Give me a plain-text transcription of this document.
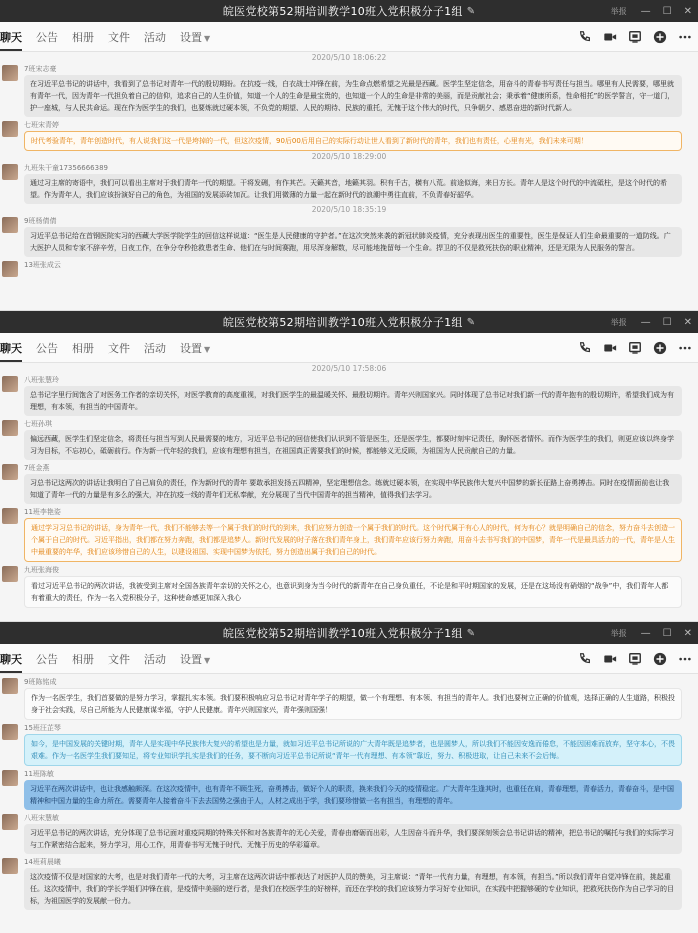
皖医党校第52期培训教学10班入党积极分子1组 ✎	举报 — ☐ ✕
聊天 公告 相册 文件 活动 设置 ▼
2020/5/10 18:06:22
7班宋志豪
在习近平总书记的讲话中，我看到了总书记对青年一代的殷切期盼。在抗疫一线，白衣战士冲锋在前，为生命点燃希望之光最是西藏。医学生坚定信念，用奋斗的青春书写责任与担当。哪里有人民需要，哪里就有青年一代，因为青年一代担负着自己的信仰，追求自己的人生价值，知道一个人的生命是最宝贵的，也知道一个人的生命是非常的美丽，而是贡献社会；秉承着“健康所系，性命相托”的医学誓言，守一道门，护一座城，与人民共命运。现在作为医学生的我们，也要炼就过硬本领，不负党的期望、人民的期待、民族的重托，无愧于这个伟大的时代，只争朝夕、感恩奋进的新时代新人。
七班宋青婷
时代考验青年，青年创造时代，有人说我们这一代是垮掉的一代，但这次疫情，90后00后用自己的实际行动让世人看到了新时代的青年，我们也有责任，心里有光，我们未来可期！
2020/5/10 18:29:00
九班朱干童17356666389
通过习主席的寄语中，我们可以看出主席对于我们青年一代的期望。干将发硎，有作其芒。天籁其音，地籁其羽。积有千古，横有八荒。前途似海，来日方长。青年人是这个时代的中流砥柱，是这个时代的希望。作为青年人，我们应该扮演好自己的角色，为祖国的发展添砖加瓦。让我们用微薄的力量一起在新时代的浪潮中勇往直前，不负青春好韶华。
2020/5/10 18:35:19
9班杨倩倩
习近平总书记给在首钢医院实习的西藏大学医学院学生的回信这样说道：“医生是人民健康的守护者。”在这次突然来袭的新冠状肺炎疫情，充分表现出医生的重要性，医生是保证人们生命最重要的一道防线。广大医护人员和专家不辞辛劳，日夜工作，在争分夺秒抢救患者生命、他们在与时间赛跑，用尽浑身解数，尽可能地挽留每一个生命。捍卫的不仅是救死扶伤的职业精神，还是无限为人民服务的誓言。
13班张成云
皖医党校第52期培训教学10班入党积极分子1组 ✎	举报 — ☐ ✕
聊天 公告 相册 文件 活动 设置 ▼
2020/5/10 17:58:06
八班张慧玲
总书记字里行间饱含了对医务工作者的亲切关怀，对医学教育的高度重视，对我们医学生的最温暖关怀、最殷切期许。青年兴则国家兴。同时体现了总书记对我们新一代的青年抱有的殷切期许，希望我们成为有理想，有本领，有担当的中国青年。
七班孙琪
偏远西藏，医学生们坚定信念，将责任与担当写到人民最需要的地方，习近平总书记的回信使我们认识到不管是医生，还是医学生，都要时刻牢记责任，胸怀医者情怀。而作为医学生的我们，则更应该以终身学习为目标，不忘初心，砥砺前行。作为新一代年轻的我们，应该有理想有担当，在祖国真正需要我们的时候，都能够义无反顾，为祖国为人民贡献自己的力量。
7班金燕
习总书记这两次的讲话让我明白了自己肩负的责任，作为新时代的青年 要敢承担发扬五四精神，坚定理想信念。练就过硬本领，在实现中华民族伟大复兴中国梦的新长征路上奋勇搏击。同时在疫情面前也让我知道了青年一代的力量是有多么的强大，冲在抗疫一线的青年们无私奉献，充分展现了当代中国青年的担当精神，值得我们去学习。
11班李艳姿
通过学习习总书记的讲话，身为青年一代，我们不能够去等一个属于我们的时代的到来，我们应努力创造一个属于我们的时代。这个时代属于有心人的时代，何为有心？就是明确自己的信念，努力奋斗去创造一个属于自己的时代。习近平指出，我们都在努力奔跑，我们都是追梦人。新时代发展的时子落在我们青年身上，我们青年应该行努力奔跑，用奋斗去书写我们的中国梦，青年一代是最具活力的一代，青年是人生中最重要的年华，我们应该珍惜自己的人生，以建设祖国、实现中国梦为依托，努力创造出属于我们自己的时代。
九班张海俊
看过习近平总书记的两次讲话，我被受到主席对全国各族青年亲切的关怀之心，也意识到身为当今时代的新青年在自己身负重任，不论是和平时期国家的发展，还是在这场没有硝烟的“战争”中，我们青年人都有着重大的责任，作为一名入党积极分子，这种使命感更加深入我心
皖医党校第52期培训教学10班入党积极分子1组 ✎	举报 — ☐ ✕
聊天 公告 相册 文件 活动 设置 ▼
9班陈铭成
作为一名医学生，我们首要做的是努力学习，掌握扎实本领。我们要积极响应习总书记对青年学子的期望，做一个有理想、有本领、有担当的青年人。我们也要树立正确的价值观，选择正确的人生道路，积极投身于社会实践，尽自己所能为人民健康谋幸福，守护人民健康。青年兴则国家兴，青年强则国强！
15班汪芷琴
如今，是中国发展的关键时期，青年人是实现中华民族伟大复兴的希望也是力量，就如习近平总书记所说的广大青年既是追梦者，也是圆梦人，所以我们不能因安逸而倦怠，不能因困难而放弃，坚守本心，不畏艰难。作为一名医学生我们要知足，将专业知识学扎实是我们的任务，要不断向习近平总书记所说“青年一代有理想、有本领”靠近，努力、积极进取，让自己未来不会后悔。
11班陈敏
习近平在两次讲话中，也让我感触颇深。在这次疫情中，也有青年不顾生死，奋勇搏击，做好个人的职责，换来我们今天的疫情稳定。广大青年生逢其时，也重任在肩，青春理想，青春活力，青春奋斗，是中国精神和中国力量的生命力所在。需要青年人接着奋斗下去去国势之强由于人，人材之成出于学，我们要珍惜做一名有担当，有理想的青年。
八班宋慧敏
习近平总书记的两次讲话，充分体现了总书记面对重疫同期的特殊关怀和对各族青年的无心关爱，青春由磨砺而出彩，人生因奋斗而升华，我们要深刻领会总书记讲话的精神，把总书记的嘱托与我们的实际学习与工作紧密结合起来，努力学习，用心工作，用青春书写无愧于时代、无愧于历史的华彩篇章。
14班莉晨曦
这次疫情不仅是对国家的大考，也是对我们青年一代的大考，习主席在这两次讲话中都表达了对医护人员的赞美，习主席说：“青年一代有力量，有理想，有本领，有担当。”所以我们青年自觉冲锋在前，挑起重任。这次疫情中，我们的学长学姐们冲锋在前，是疫情中美丽的逆行者，是我们在校医学生的好榜样，而还在学校的我们应该努力学习好专业知识，在实践中把握够硬的专业知识，把救死扶伤作为自己学习的目标，为祖国医学的发展献一份力。
